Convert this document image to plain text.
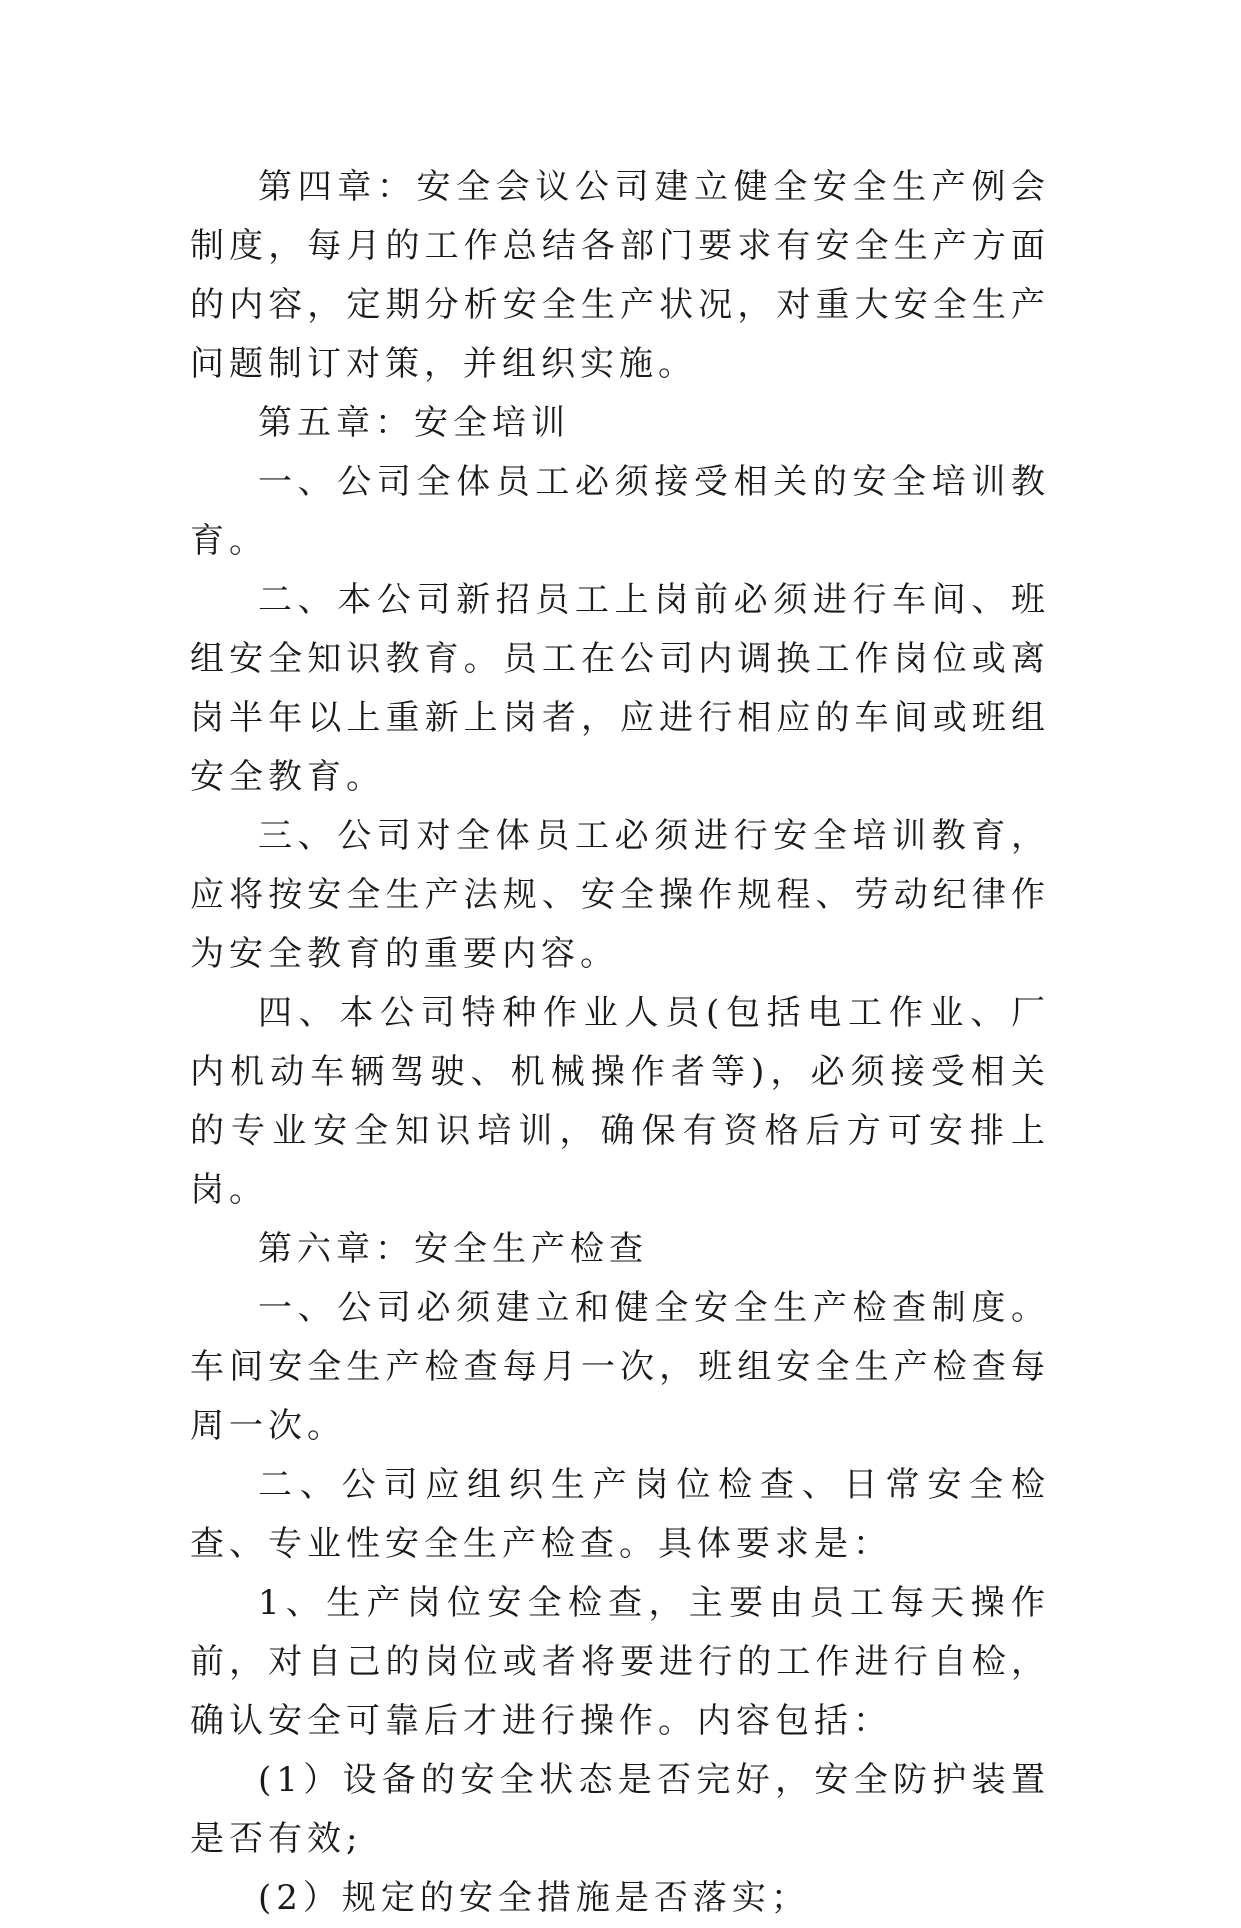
第四章：安全会议公司建立健全安全生产例会制度，每月的工作总结各部门要求有安全生产方面的内容，定期分析安全生产状况，对重大安全生产问题制订对策，并组织实施。

第五章：安全培训

一、公司全体员工必须接受相关的安全培训教育。

二、本公司新招员工上岗前必须进行车间、班组安全知识教育。员工在公司内调换工作岗位或离岗半年以上重新上岗者，应进行相应的车间或班组安全教育。

三、公司对全体员工必须进行安全培训教育，应将按安全生产法规、安全操作规程、劳动纪律作为安全教育的重要内容。

四、本公司特种作业人员(包括电工作业、厂内机动车辆驾驶、机械操作者等)，必须接受相关的专业安全知识培训，确保有资格后方可安排上岗。

第六章：安全生产检查

一、公司必须建立和健全安全生产检查制度。车间安全生产检查每月一次，班组安全生产检查每周一次。

二、公司应组织生产岗位检查、日常安全检查、专业性安全生产检查。具体要求是：

1、生产岗位安全检查，主要由员工每天操作前，对自己的岗位或者将要进行的工作进行自检，确认安全可靠后才进行操作。内容包括：

(1）设备的安全状态是否完好，安全防护装置是否有效;

(2）规定的安全措施是否落实；
